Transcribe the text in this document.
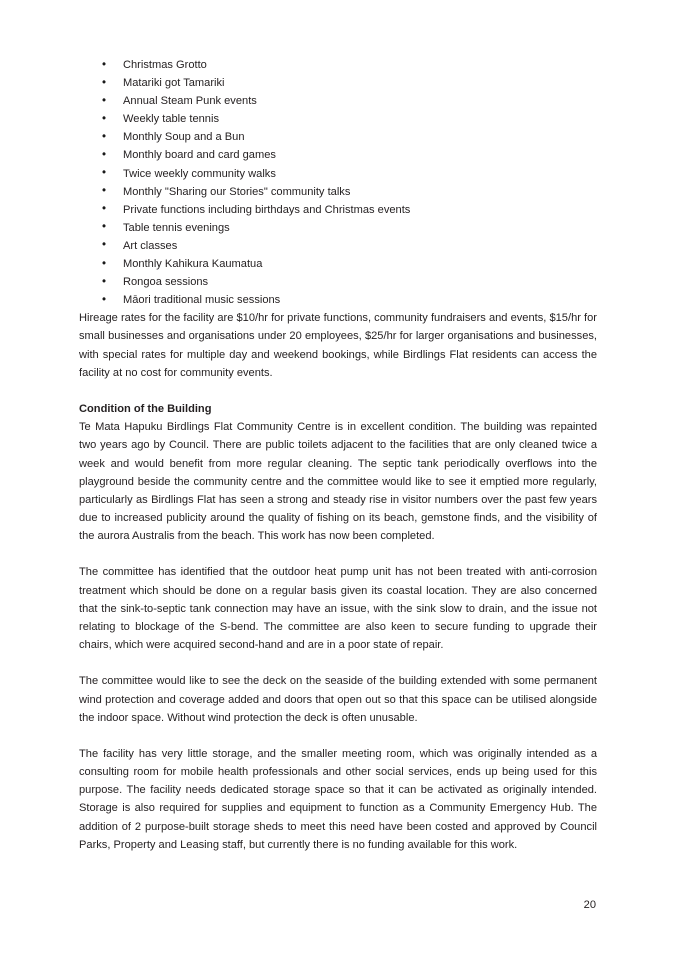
• Christmas Grotto
• Matariki got Tamariki
• Annual Steam Punk events
• Weekly table tennis
• Monthly Soup and a Bun
• Monthly board and card games
• Twice weekly community walks
• Monthly "Sharing our Stories" community talks
• Private functions including birthdays and Christmas events
• Table tennis evenings
• Art classes
• Monthly Kahikura Kaumatua
• Rongoa sessions
• Māori traditional music sessions

Hireage rates for the facility are $10/hr for private functions, community fundraisers and events, $15/hr for small businesses and organisations under 20 employees, $25/hr for larger organisations and businesses, with special rates for multiple day and weekend bookings, while Birdlings Flat residents can access the facility at no cost for community events.

Condition of the Building

Te Mata Hapuku Birdlings Flat Community Centre is in excellent condition. The building was repainted two years ago by Council. There are public toilets adjacent to the facilities that are only cleaned twice a week and would benefit from more regular cleaning. The septic tank periodically overflows into the playground beside the community centre and the committee would like to see it emptied more regularly, particularly as Birdlings Flat has seen a strong and steady rise in visitor numbers over the past few years due to increased publicity around the quality of fishing on its beach, gemstone finds, and the visibility of the aurora Australis from the beach. This work has now been completed.

The committee has identified that the outdoor heat pump unit has not been treated with anti-corrosion treatment which should be done on a regular basis given its coastal location. They are also concerned that the sink-to-septic tank connection may have an issue, with the sink slow to drain, and the issue not relating to blockage of the S-bend. The committee are also keen to secure funding to upgrade their chairs, which were acquired second-hand and are in a poor state of repair.

The committee would like to see the deck on the seaside of the building extended with some permanent wind protection and coverage added and doors that open out so that this space can be utilised alongside the indoor space. Without wind protection the deck is often unusable.

The facility has very little storage, and the smaller meeting room, which was originally intended as a consulting room for mobile health professionals and other social services, ends up being used for this purpose. The facility needs dedicated storage space so that it can be activated as originally intended. Storage is also required for supplies and equipment to function as a Community Emergency Hub. The addition of 2 purpose-built storage sheds to meet this need have been costed and approved by Council Parks, Property and Leasing staff, but currently there is no funding available for this work.

20
